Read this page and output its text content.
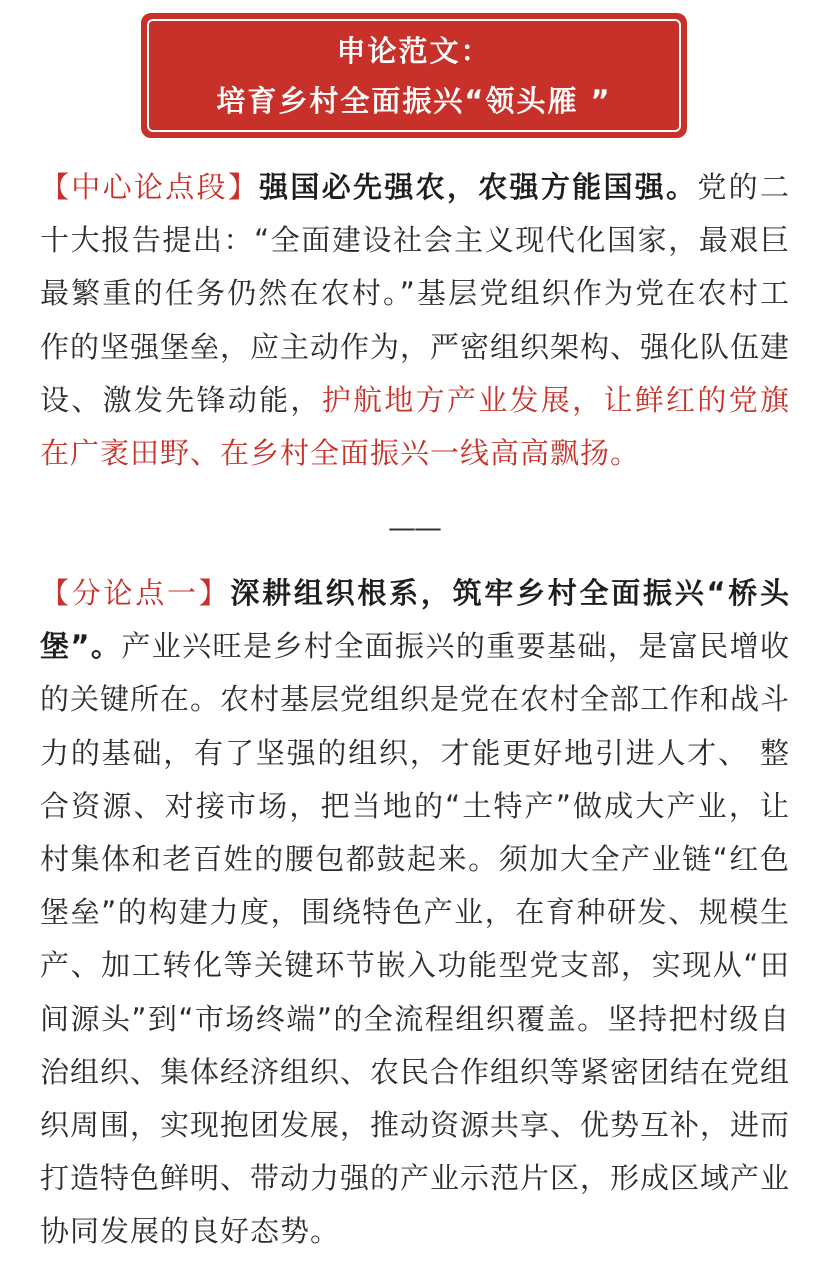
申论范文：
培育乡村全面振兴“领头雁 ”

【中心论点段】强国必先强农，农强方能国强。党的二十大报告提出：“全面建设社会主义现代化国家，最艰巨最繁重的任务仍然在农村。”基层党组织作为党在农村工作的坚强堡垒，应主动作为，严密组织架构、强化队伍建设、激发先锋动能，护航地方产业发展，让鲜红的党旗在广袤田野、在乡村全面振兴一线高高飘扬。

——

【分论点一】深耕组织根系，筑牢乡村全面振兴“桥头堡”。产业兴旺是乡村全面振兴的重要基础，是富民增收的关键所在。农村基层党组织是党在农村全部工作和战斗力的基础，有了坚强的组织，才能更好地引进人才、 整合资源、对接市场，把当地的“土特产”做成大产业，让村集体和老百姓的腰包都鼓起来。须加大全产业链“红色堡垒”的构建力度，围绕特色产业，在育种研发、规模生产、加工转化等关键环节嵌入功能型党支部，实现从“田间源头”到“市场终端”的全流程组织覆盖。坚持把村级自治组织、集体经济组织、农民合作组织等紧密团结在党组织周围，实现抱团发展，推动资源共享、优势互补，进而打造特色鲜明、带动力强的产业示范片区，形成区域产业协同发展的良好态势。
